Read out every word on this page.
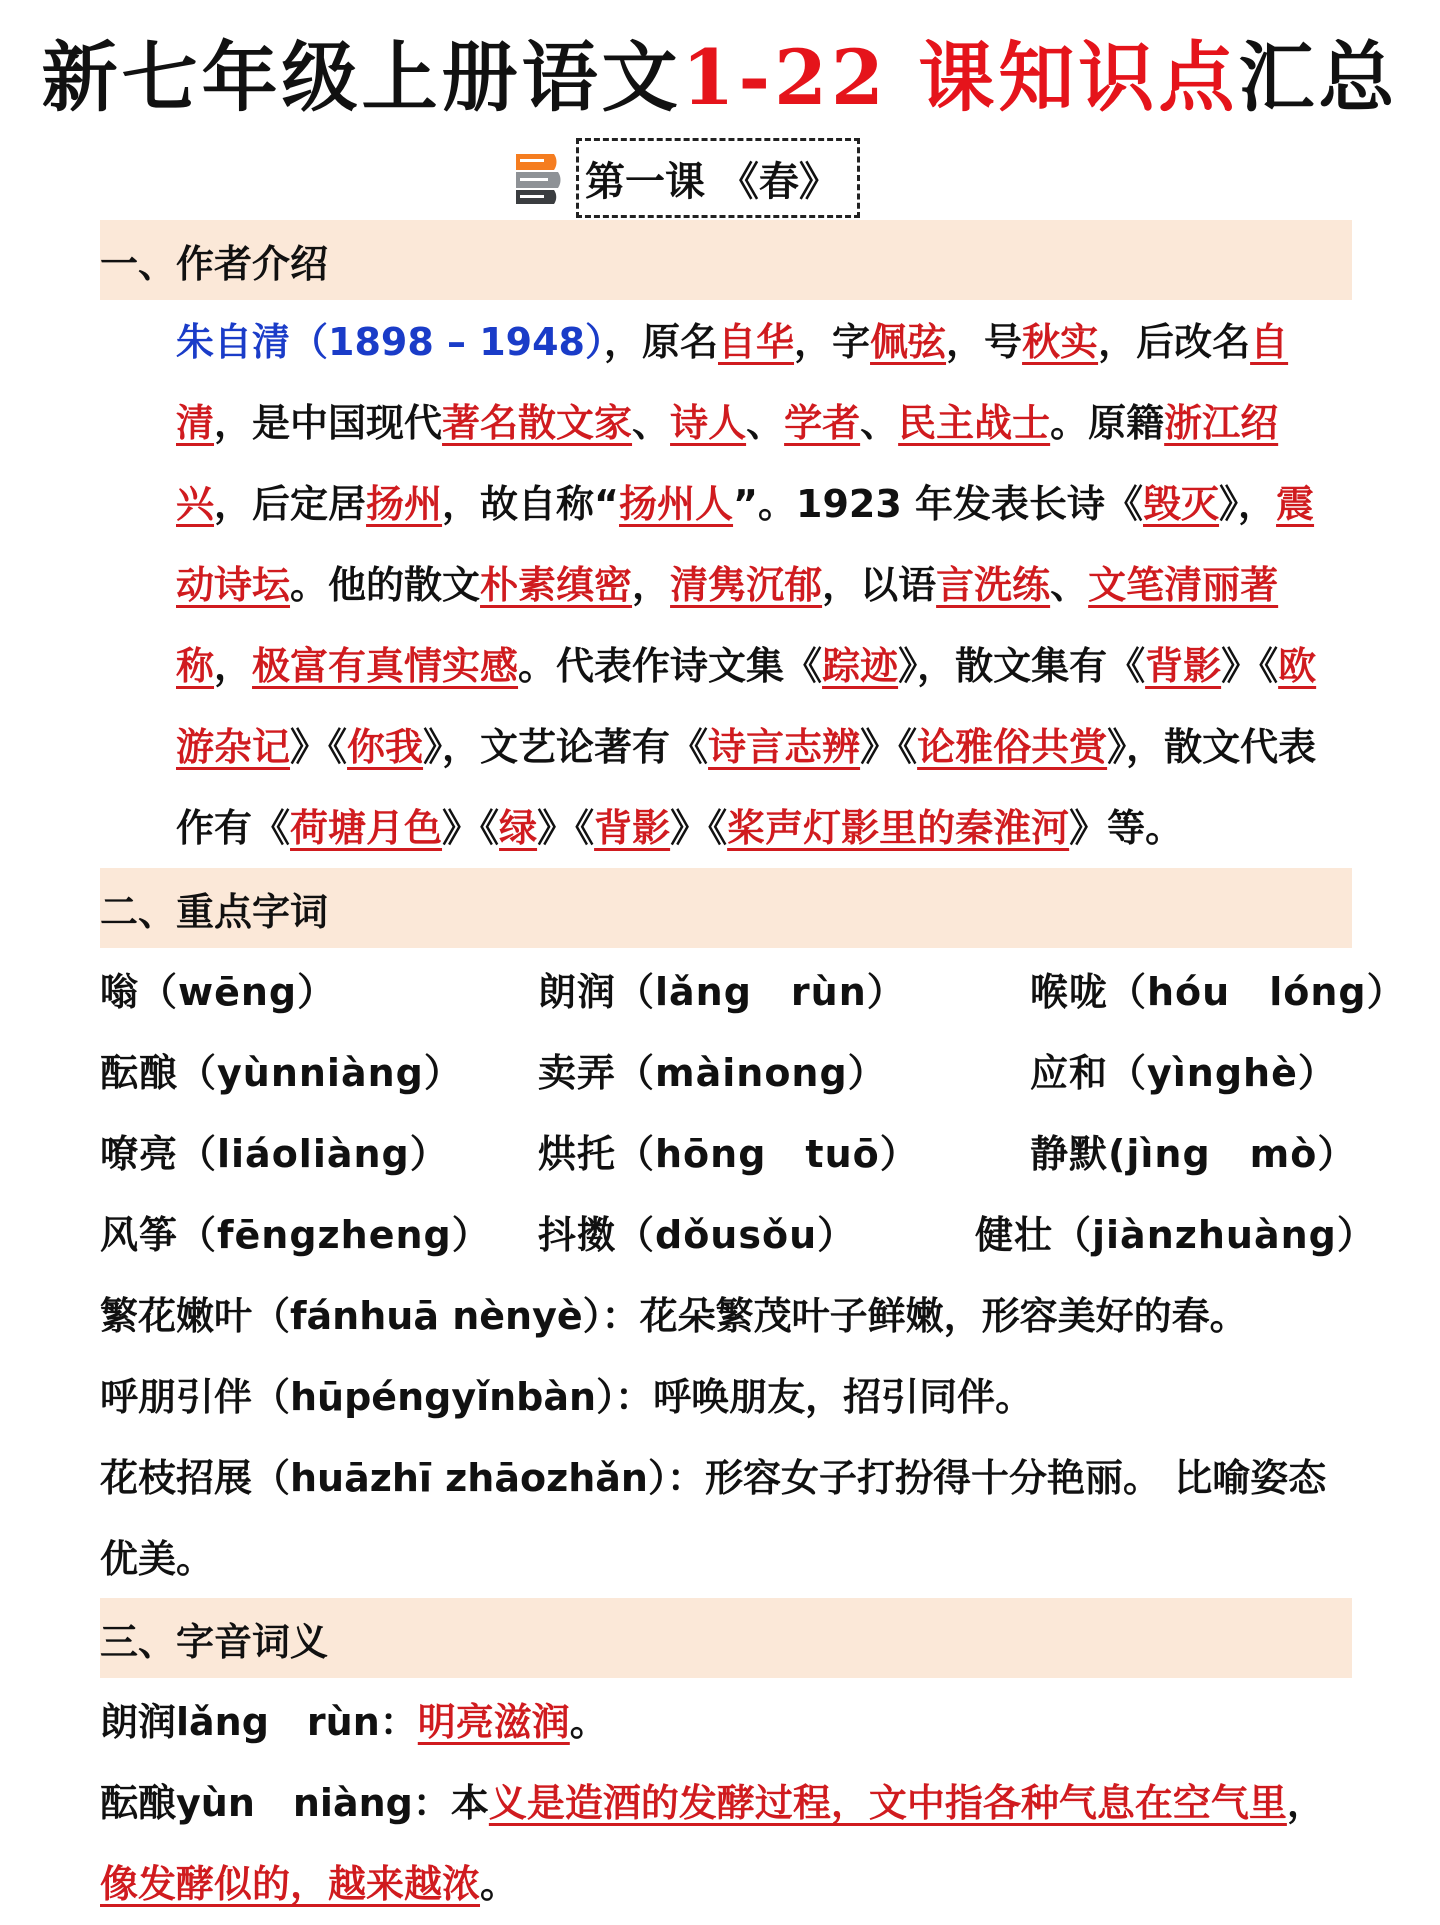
新七年级上册语文1-22 课知识点汇总
第一课 《春》
一、作者介绍
朱自清（1898 – 1948），原名自华，字佩弦，号秋实，后改名自清，是中国现代著名散文家、诗人、学者、民主战士。原籍浙江绍兴，后定居扬州，故自称“扬州人”。1923 年发表长诗《毁灭》，震动诗坛。他的散文朴素缜密，清隽沉郁，以语言洗练、文笔清丽著称，极富有真情实感。代表作诗文集《踪迹》，散文集有《背影》《欧游杂记》《你我》，文艺论著有《诗言志辨》《论雅俗共赏》，散文代表作有《荷塘月色》《绿》《背影》《桨声灯影里的秦淮河》等。
二、重点字词
嗡（wēng）	朗润（lǎng　rùn）	喉咙（hóu　lóng）
酝酿（yùnniàng） 卖弄（màinong）	应和（yìnghè）
嘹亮（liáoliàng） 烘托（hōng　tuō）	静默(jìng　mò）
风筝（fēngzheng） 抖擞（dǒusǒu）	健壮（jiànzhuàng）
繁花嫩叶（fánhuā nènyè）：花朵繁茂叶子鲜嫩，形容美好的春。
呼朋引伴（hūpéngyǐnbàn）：呼唤朋友，招引同伴。
花枝招展（huāzhī zhāozhǎn）：形容女子打扮得十分艳丽。 比喻姿态优美。
三、字音词义
朗润lǎng　rùn：明亮滋润。
酝酿yùn　niàng：本义是造酒的发酵过程，文中指各种气息在空气里，像发酵似的，越来越浓。
